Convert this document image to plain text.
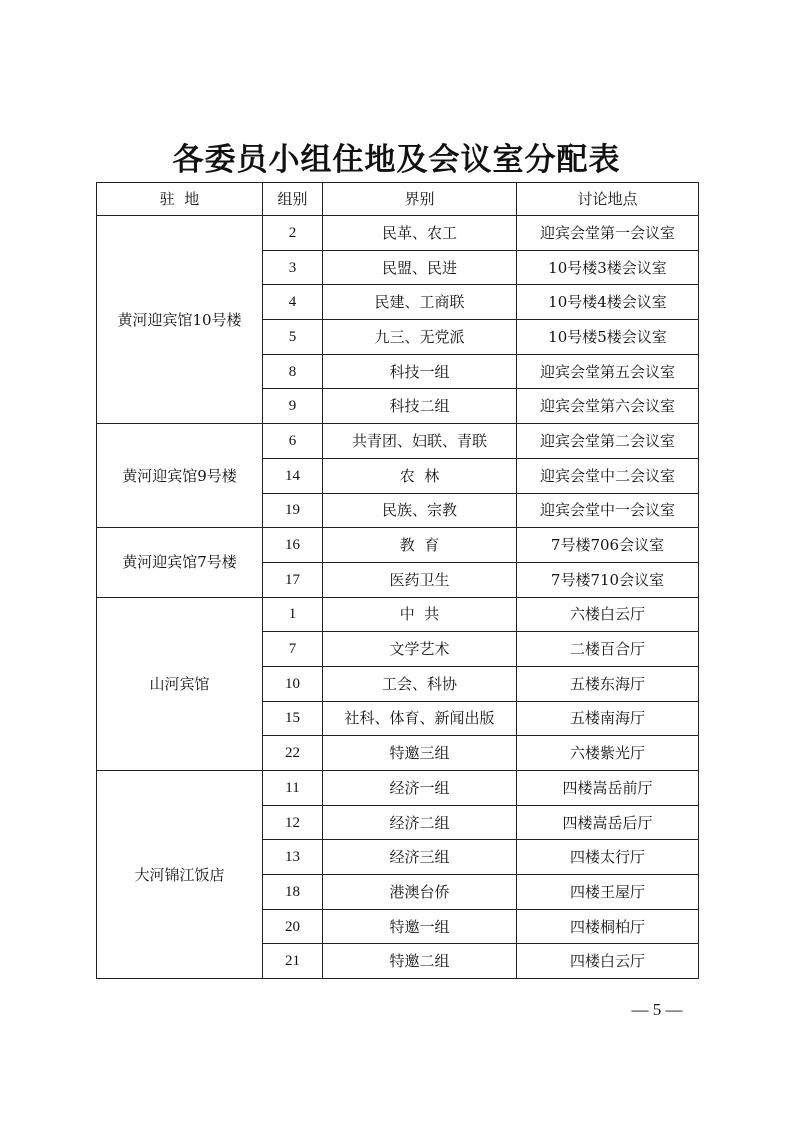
各委员小组住地及会议室分配表
驻  地	组别	界别	讨论地点
黄河迎宾馆10号楼	2	民革、农工	迎宾会堂第一会议室
	3	民盟、民进	10号楼3楼会议室
	4	民建、工商联	10号楼4楼会议室
	5	九三、无党派	10号楼5楼会议室
	8	科技一组	迎宾会堂第五会议室
	9	科技二组	迎宾会堂第六会议室
黄河迎宾馆9号楼	6	共青团、妇联、青联	迎宾会堂第二会议室
	14	农  林	迎宾会堂中二会议室
	19	民族、宗教	迎宾会堂中一会议室
黄河迎宾馆7号楼	16	教  育	7号楼706会议室
	17	医药卫生	7号楼710会议室
山河宾馆	1	中  共	六楼白云厅
	7	文学艺术	二楼百合厅
	10	工会、科协	五楼东海厅
	15	社科、体育、新闻出版	五楼南海厅
	22	特邀三组	六楼紫光厅
大河锦江饭店	11	经济一组	四楼嵩岳前厅
	12	经济二组	四楼嵩岳后厅
	13	经济三组	四楼太行厅
	18	港澳台侨	四楼王屋厅
	20	特邀一组	四楼桐柏厅
	21	特邀二组	四楼白云厅
— 5 —
